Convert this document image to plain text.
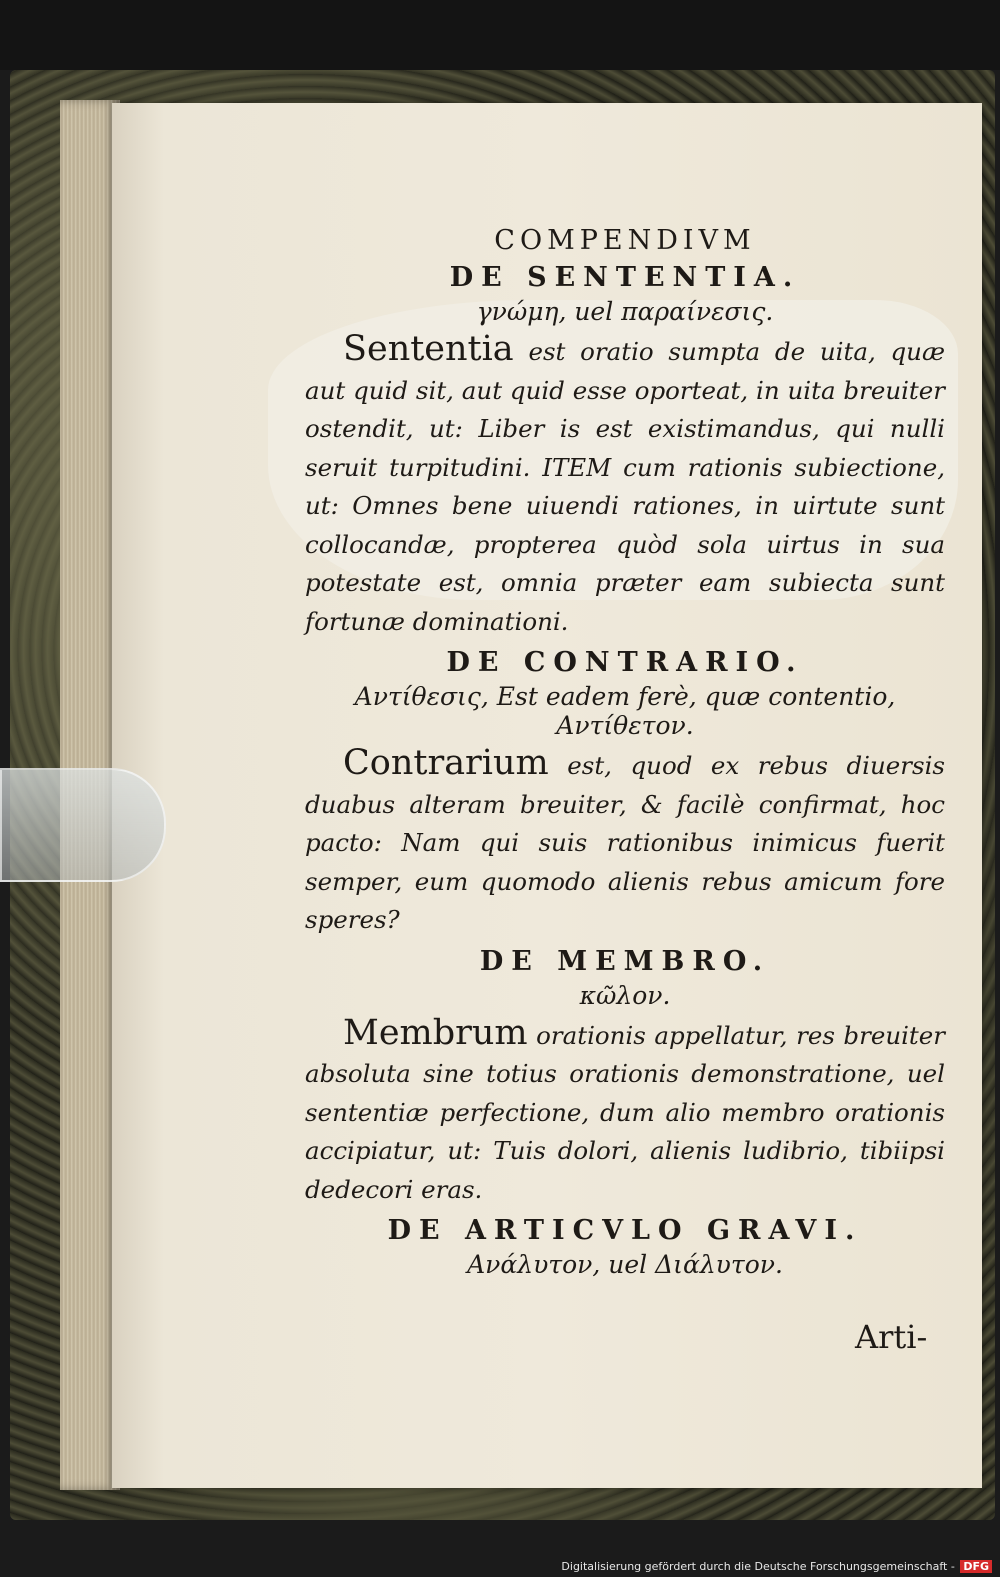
COMPENDIVM

DE SENTENTIA.

γνώμη, uel παραίνεσις.

Sententia est oratio sumpta de uita, quæ aut quid sit, aut quid esse oporteat, in uita breuiter ostendit, ut: Liber is est existimandus, qui nulli seruit turpitudini. ITEM cum rationis subiectione, ut: Omnes bene uiuendi rationes, in uirtute sunt collocandæ, propterea quòd sola uirtus in sua potestate est, omnia præter eam subiecta sunt fortunæ dominationi.

DE CONTRARIO.

Αντίθεσις, Est eadem ferè, quæ contentio, Αντίθετον.

Contrarium est, quod ex rebus diuersis duabus alteram breuiter, & facilè confirmat, hoc pacto: Nam qui suis rationibus inimicus fuerit semper, eum quomodo alienis rebus amicum fore speres?

DE MEMBRO.

κῶλον.

Membrum orationis appellatur, res breuiter absoluta sine totius orationis demonstratione, uel sententiæ perfectione, dum alio membro orationis accipiatur, ut: Tuis dolori, alienis ludibrio, tibiipsi dedecori eras.

DE ARTICVLO GRAVI.

Ανάλυτον, uel Διάλυτον.

Arti-
Digitalisierung gefördert durch die Deutsche Forschungsgemeinschaft - DFG
